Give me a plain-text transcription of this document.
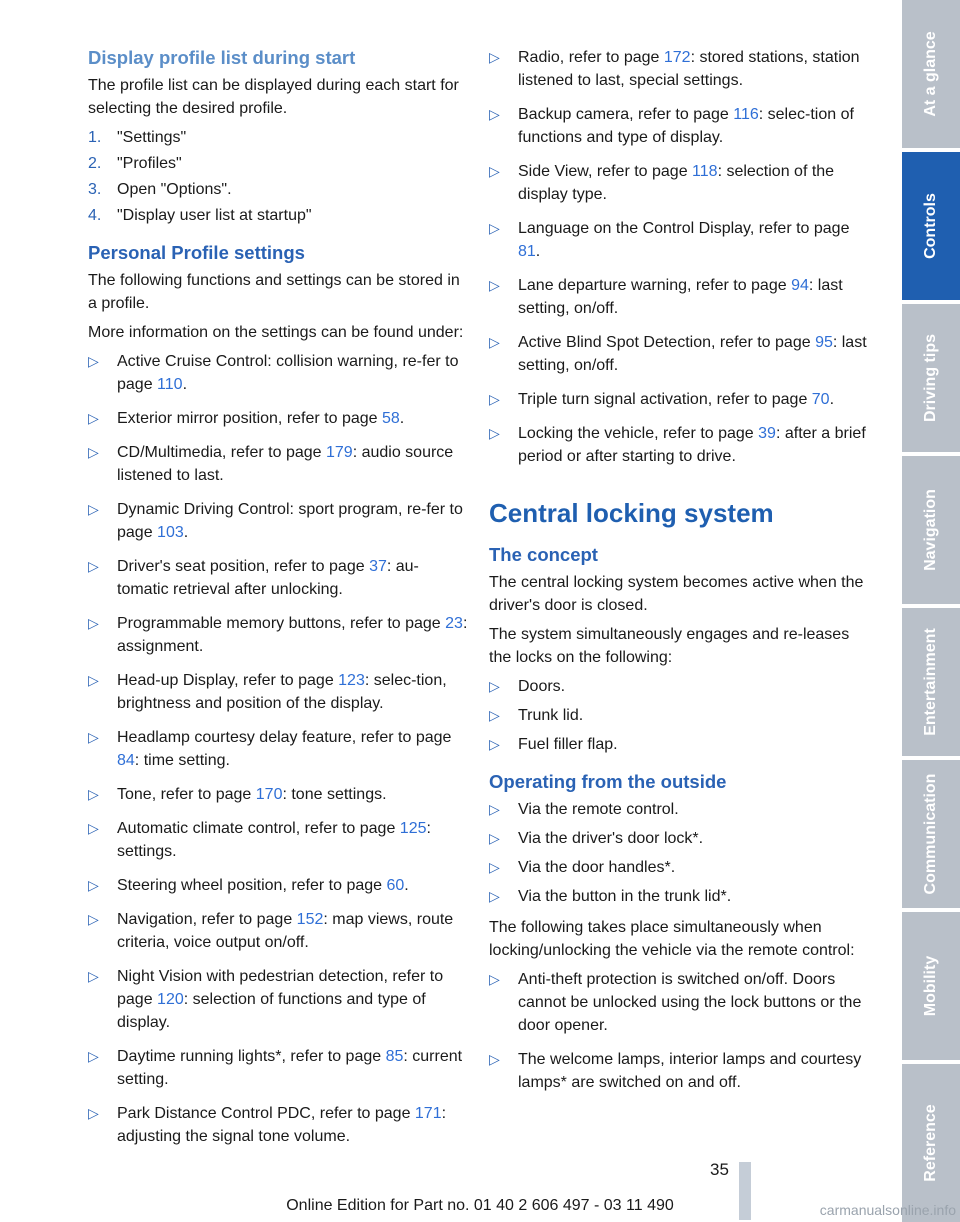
Display profile list during start
The profile list can be displayed during each start for selecting the desired profile.
1. "Settings"
2. "Profiles"
3. Open "Options".
4. "Display user list at startup"
Personal Profile settings
The following functions and settings can be stored in a profile.
More information on the settings can be found under:
▷	Active Cruise Control: collision warning, re-fer to page 110.
▷	Exterior mirror position, refer to page 58.
▷	CD/Multimedia, refer to page 179: audio source listened to last.
▷	Dynamic Driving Control: sport program, re-fer to page 103.
▷	Driver's seat position, refer to page 37: au-tomatic retrieval after unlocking.
▷	Programmable memory buttons, refer to page 23: assignment.
▷	Head-up Display, refer to page 123: selec-tion, brightness and position of the display.
▷	Headlamp courtesy delay feature, refer to page 84: time setting.
▷	Tone, refer to page 170: tone settings.
▷	Automatic climate control, refer to page 125: settings.
▷	Steering wheel position, refer to page 60.
▷	Navigation, refer to page 152: map views, route criteria, voice output on/off.
▷	Night Vision with pedestrian detection, refer to page 120: selection of functions and type of display.
▷	Daytime running lights*, refer to page 85: current setting.
▷	Park Distance Control PDC, refer to page 171: adjusting the signal tone volume.
▷	Radio, refer to page 172: stored stations, station listened to last, special settings.
▷	Backup camera, refer to page 116: selec-tion of functions and type of display.
▷	Side View, refer to page 118: selection of the display type.
▷	Language on the Control Display, refer to page 81.
▷	Lane departure warning, refer to page 94: last setting, on/off.
▷	Active Blind Spot Detection, refer to page 95: last setting, on/off.
▷	Triple turn signal activation, refer to page 70.
▷	Locking the vehicle, refer to page 39: after a brief period or after starting to drive.
Central locking system
The concept
The central locking system becomes active when the driver's door is closed.
The system simultaneously engages and re-leases the locks on the following:
▷	Doors.
▷	Trunk lid.
▷	Fuel filler flap.
Operating from the outside
▷	Via the remote control.
▷	Via the driver's door lock*.
▷	Via the door handles*.
▷	Via the button in the trunk lid*.
The following takes place simultaneously when locking/unlocking the vehicle via the remote control:
▷	Anti-theft protection is switched on/off. Doors cannot be unlocked using the lock buttons or the door opener.
▷	The welcome lamps, interior lamps and courtesy lamps* are switched on and off.
At a glance
Controls
Driving tips
Navigation
Entertainment
Communication
Mobility
Reference
35
Online Edition for Part no. 01 40 2 606 497 - 03 11 490	carmanualsonline.info
